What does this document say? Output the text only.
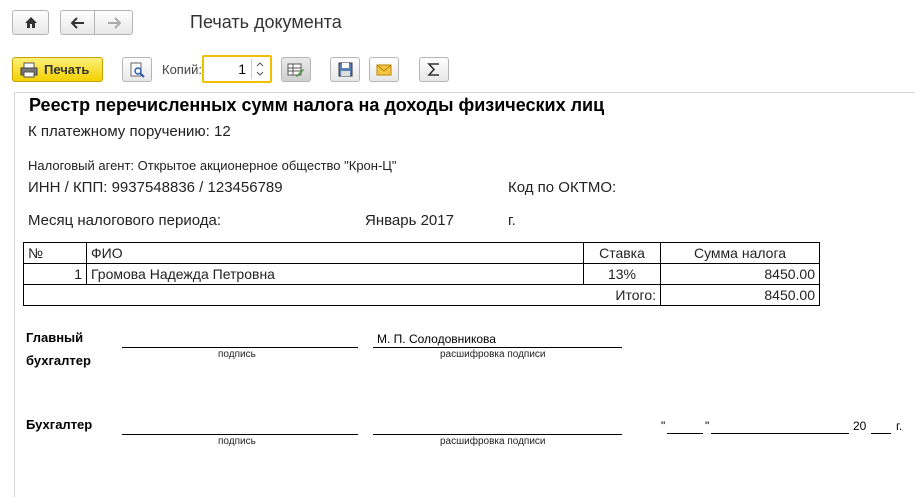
Печать документа
Печать	Копий:	1
Реестр перечисленных сумм налога на доходы физических лиц
К платежному поручению: 12
Налоговый агент: Открытое акционерное общество "Крон-Ц"
ИНН / КПП: 9937548836 / 123456789	Код по ОКТМО:
Месяц налогового периода:	Январь 2017	г.
№	ФИО	Ставка	Сумма налога
1	Громова Надежда Петровна	13%	8450.00
Итого:			8450.00
Главный
бухгалтер	подпись
М. П. Солодовникова
расшифровка подписи
Бухгалтер
подпись	расшифровка подписи
"	"	20 г.
